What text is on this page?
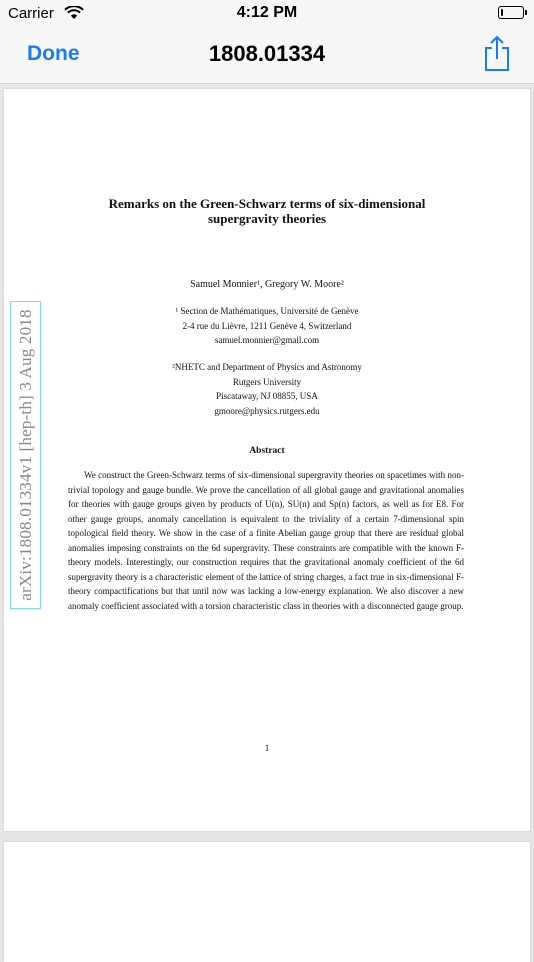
Carrier	4:12 PM
Done	1808.01334
arXiv:1808.01334v1 [hep-th] 3 Aug 2018
Remarks on the Green-Schwarz terms of six-dimensional
supergravity theories
Samuel Monnier¹, Gregory W. Moore²
¹ Section de Mathématiques, Université de Genève
2-4 rue du Lièvre, 1211 Genève 4, Switzerland
samuel.monnier@gmail.com
²NHETC and Department of Physics and Astronomy
Rutgers University
Piscataway, NJ 08855, USA
gmoore@physics.rutgers.edu
Abstract
We construct the Green-Schwarz terms of six-dimensional supergravity theories on spacetimes with non-trivial topology and gauge bundle. We prove the cancellation of all global gauge and gravitational anomalies for theories with gauge groups given by products of U(n), SU(n) and Sp(n) factors, as well as for E8. For other gauge groups, anomaly cancellation is equivalent to the triviality of a certain 7-dimensional spin topological field theory. We show in the case of a finite Abelian gauge group that there are residual global anomalies imposing constraints on the 6d supergravity. These constraints are compatible with the known F-theory models. Interestingly, our construction requires that the gravitational anomaly coefficient of the 6d supergravity theory is a characteristic element of the lattice of string charges, a fact true in six-dimensional F-theory compactifications but that until now was lacking a low-energy explanation. We also discover a new anomaly coefficient associated with a torsion characteristic class in theories with a disconnected gauge group.
1
